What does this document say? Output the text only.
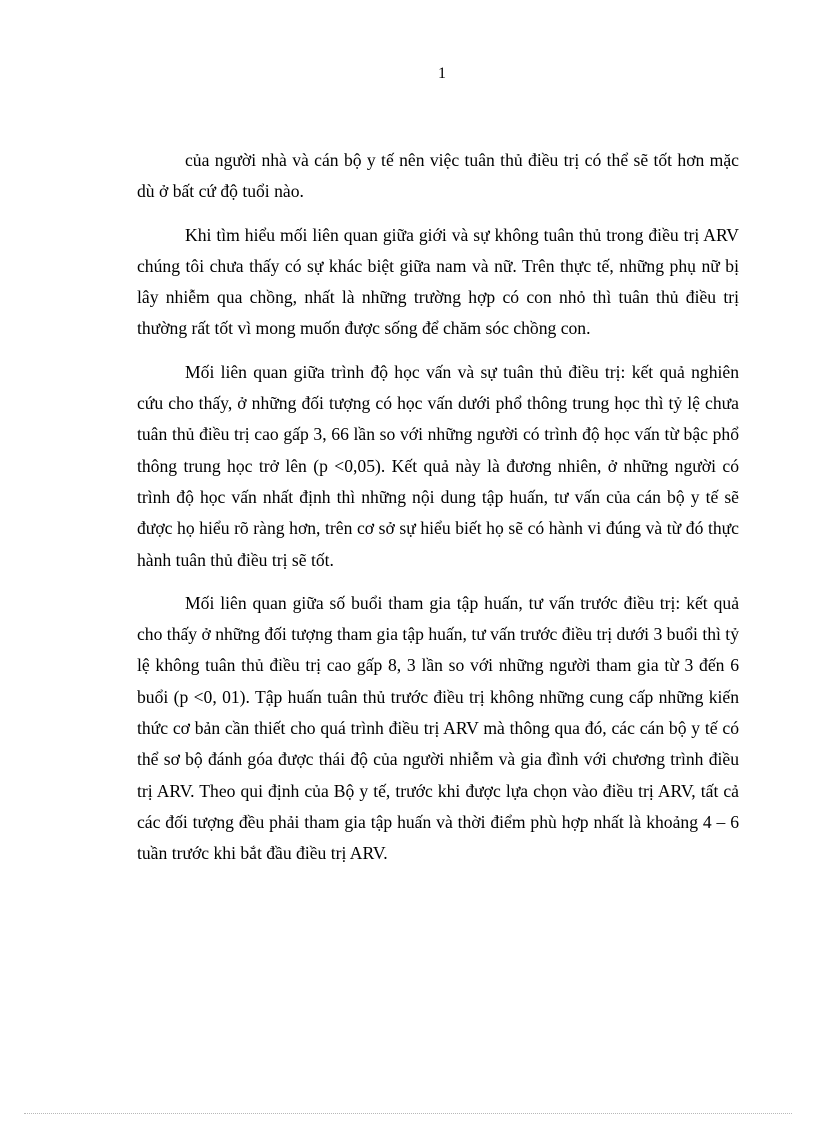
1

của người nhà và cán bộ y tế nên việc tuân thủ điều trị có thể sẽ tốt hơn mặc dù ở bất cứ độ tuổi nào.

Khi tìm hiểu mối liên quan giữa giới và sự không tuân thủ trong điều trị ARV chúng tôi chưa thấy có sự khác biệt giữa nam và nữ. Trên thực tế, những phụ nữ bị lây nhiễm qua chồng, nhất là những trường hợp có con nhỏ thì tuân thủ điều trị thường rất tốt vì mong muốn được sống để chăm sóc chồng con.

Mối liên quan giữa trình độ học vấn và sự tuân thủ điều trị: kết quả nghiên cứu cho thấy, ở những đối tượng có học vấn dưới phổ thông trung học thì tỷ lệ chưa tuân thủ điều trị cao gấp 3, 66 lần so với những người có trình độ học vấn từ bậc phổ thông trung học trở lên (p <0,05). Kết quả này là đương nhiên, ở những người có trình độ học vấn nhất định thì những nội dung tập huấn, tư vấn của cán bộ y tế sẽ được họ hiểu rõ ràng hơn, trên cơ sở sự hiểu biết họ sẽ có hành vi đúng và từ đó thực hành tuân thủ điều trị sẽ tốt.

Mối liên quan giữa số buổi tham gia tập huấn, tư vấn trước điều trị: kết quả cho thấy ở những đối tượng tham gia tập huấn, tư vấn trước điều trị dưới 3 buổi thì tỷ lệ không tuân thủ điều trị cao gấp 8, 3 lần so với những người tham gia từ 3 đến 6 buổi (p <0, 01). Tập huấn tuân thủ trước điều trị không những cung cấp những kiến thức cơ bản cần thiết cho quá trình điều trị ARV mà thông qua đó, các cán bộ y tế có thể sơ bộ đánh góa được thái độ của người nhiễm và gia đình với chương trình điều trị ARV. Theo qui định của Bộ y tế, trước khi được lựa chọn vào điều trị ARV, tất cả các đối tượng đều phải tham gia tập huấn và thời điểm phù hợp nhất là khoảng 4 – 6 tuần trước khi bắt đầu điều trị ARV.
